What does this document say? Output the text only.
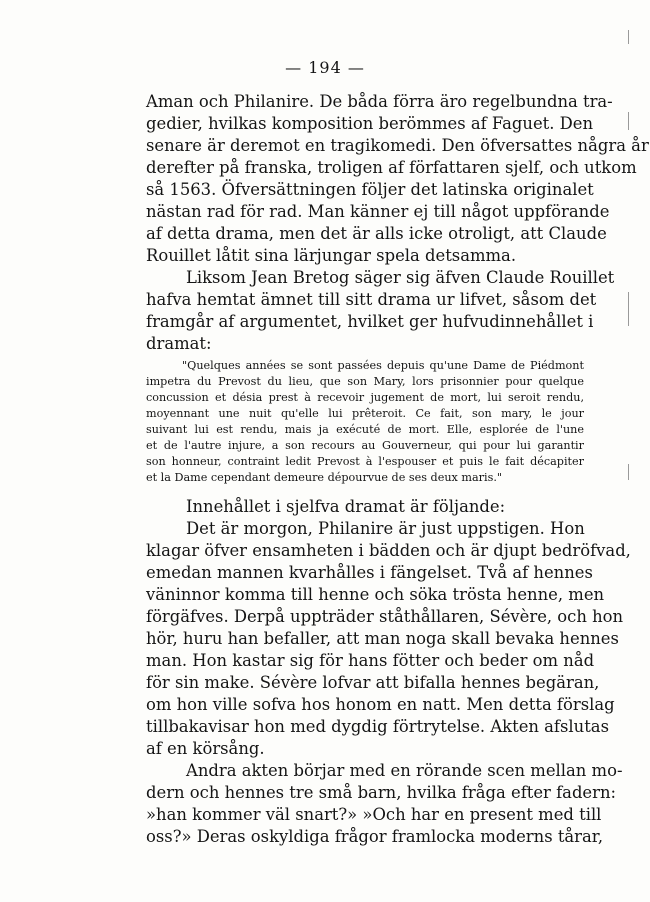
— 194 —
Aman och Philanire. De båda förra äro regelbundna tra-
gedier, hvilkas komposition berömmes af Faguet. Den
senare är deremot en tragikomedi. Den öfversattes några år
derefter på franska, troligen af författaren sjelf, och utkom
så 1563. Öfversättningen följer det latinska originalet
nästan rad för rad. Man känner ej till något uppförande
af detta drama, men det är alls icke otroligt, att Claude
Rouillet låtit sina lärjungar spela detsamma.
Liksom Jean Bretog säger sig äfven Claude Rouillet
hafva hemtat ämnet till sitt drama ur lifvet, såsom det
framgår af argumentet, hvilket ger hufvudinnehållet i
dramat:
"Quelques années se sont passées depuis qu'une Dame de Piédmont
impetra du Prevost du lieu, que son Mary, lors prisonnier pour quelque
concussion et désia prest à recevoir jugement de mort, lui seroit rendu,
moyennant une nuit qu'elle lui prêteroit. Ce fait, son mary, le jour
suivant lui est rendu, mais ja exécuté de mort. Elle, esplorée de l'une
et de l'autre injure, a son recours au Gouverneur, qui pour lui garantir
son honneur, contraint ledit Prevost à l'espouser et puis le fait décapiter
et la Dame cependant demeure dépourvue de ses deux maris."
Innehållet i sjelfva dramat är följande:
Det är morgon, Philanire är just uppstigen. Hon
klagar öfver ensamheten i bädden och är djupt bedröfvad,
emedan mannen kvarhålles i fängelset. Två af hennes
väninnor komma till henne och söka trösta henne, men
förgäfves. Derpå uppträder ståthållaren, Sévère, och hon
hör, huru han befaller, att man noga skall bevaka hennes
man. Hon kastar sig för hans fötter och beder om nåd
för sin make. Sévère lofvar att bifalla hennes begäran,
om hon ville sofva hos honom en natt. Men detta förslag
tillbakavisar hon med dygdig förtrytelse. Akten afslutas
af en körsång.
Andra akten börjar med en rörande scen mellan mo-
dern och hennes tre små barn, hvilka fråga efter fadern:
»han kommer väl snart?» »Och har en present med till
oss?» Deras oskyldiga frågor framlocka moderns tårar,
